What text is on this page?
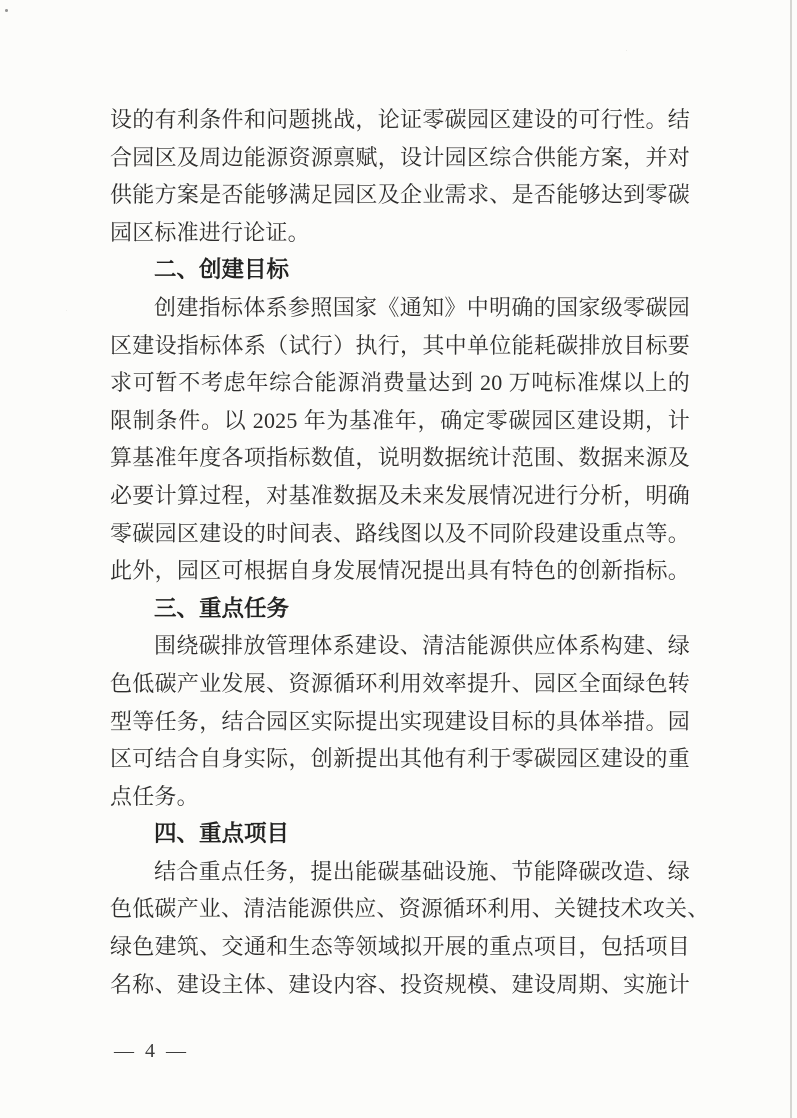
设的有利条件和问题挑战，论证零碳园区建设的可行性。结
合园区及周边能源资源禀赋，设计园区综合供能方案，并对
供能方案是否能够满足园区及企业需求、是否能够达到零碳
园区标准进行论证。
二、创建目标
创建指标体系参照国家《通知》中明确的国家级零碳园
区建设指标体系（试行）执行，其中单位能耗碳排放目标要
求可暂不考虑年综合能源消费量达到 20 万吨标准煤以上的
限制条件。以 2025 年为基准年，确定零碳园区建设期，计
算基准年度各项指标数值，说明数据统计范围、数据来源及
必要计算过程，对基准数据及未来发展情况进行分析，明确
零碳园区建设的时间表、路线图以及不同阶段建设重点等。
此外，园区可根据自身发展情况提出具有特色的创新指标。
三、重点任务
围绕碳排放管理体系建设、清洁能源供应体系构建、绿
色低碳产业发展、资源循环利用效率提升、园区全面绿色转
型等任务，结合园区实际提出实现建设目标的具体举措。园
区可结合自身实际，创新提出其他有利于零碳园区建设的重
点任务。
四、重点项目
结合重点任务，提出能碳基础设施、节能降碳改造、绿
色低碳产业、清洁能源供应、资源循环利用、关键技术攻关、
绿色建筑、交通和生态等领域拟开展的重点项目，包括项目
名称、建设主体、建设内容、投资规模、建设周期、实施计
— 4 —
